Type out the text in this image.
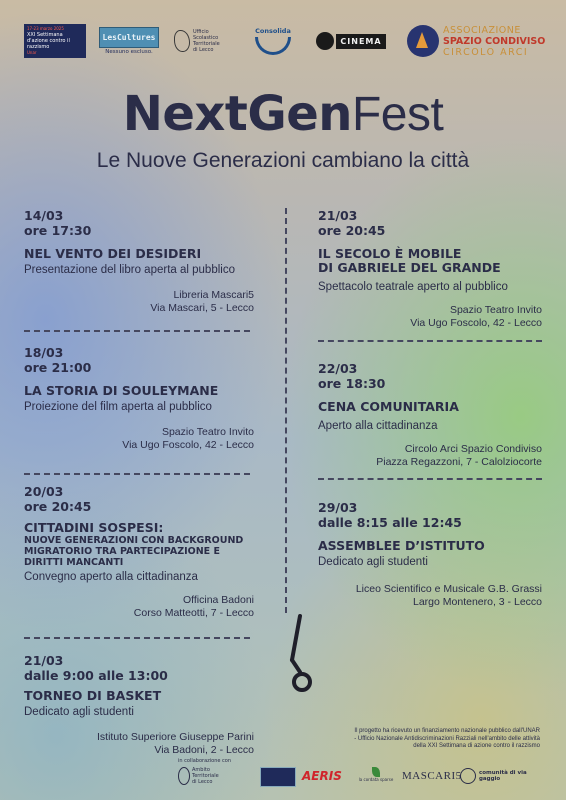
17-23 marzo 2025
XXI Settimana
d'azione contro il razzismo
Unar
LesCultures
Nessuno escluso.
Ufficio
Scolastico
Territoriale
di Lecco
Consolida
CINEMA
ASSOCIAZIONE
SPAZIO CONDIVISO
CIRCOLO ARCI
NextGenFest
Le Nuove Generazioni cambiano la città
14/03
ore 17:30
NEL VENTO DEI DESIDERI
Presentazione del libro aperta al pubblico
Libreria Mascari5
Via Mascari, 5 - Lecco
18/03
ore 21:00
LA STORIA DI SOULEYMANE
Proiezione del film aperta al pubblico
Spazio Teatro Invito
Via Ugo Foscolo, 42 - Lecco
20/03
ore 20:45
CITTADINI SOSPESI:
NUOVE GENERAZIONI CON BACKGROUND MIGRATORIO TRA PARTECIPAZIONE E DIRITTI MANCANTI
Convegno aperto alla cittadinanza
Officina Badoni
Corso Matteotti, 7 - Lecco
21/03
dalle 9:00 alle 13:00
TORNEO DI BASKET
Dedicato agli studenti
Istituto Superiore Giuseppe Parini
Via Badoni, 2 - Lecco
21/03
ore 20:45
IL SECOLO È MOBILE
DI GABRIELE DEL GRANDE
Spettacolo teatrale aperto al pubblico
Spazio Teatro Invito
Via Ugo Foscolo, 42 - Lecco
22/03
ore 18:30
CENA COMUNITARIA
Aperto alla cittadinanza
Circolo Arci Spazio Condiviso
Piazza Regazzoni, 7 - Calolziocorte
29/03
dalle 8:15 alle 12:45
ASSEMBLEE D’ISTITUTO
Dedicato agli studenti
Liceo Scientifico e Musicale G.B. Grassi
Largo Montenero, 3 - Lecco
Il progetto ha ricevuto un finanziamento nazionale pubblico dall'UNAR
- Ufficio Nazionale Antidiscriminazioni Razziali nell'ambito delle attività
della XXI Settimana di azione contro il razzismo
in collaborazione con
Ambito
Territoriale
di Lecco	AERIS	la cordata sparse MASCARI5	comunità di via gaggio
